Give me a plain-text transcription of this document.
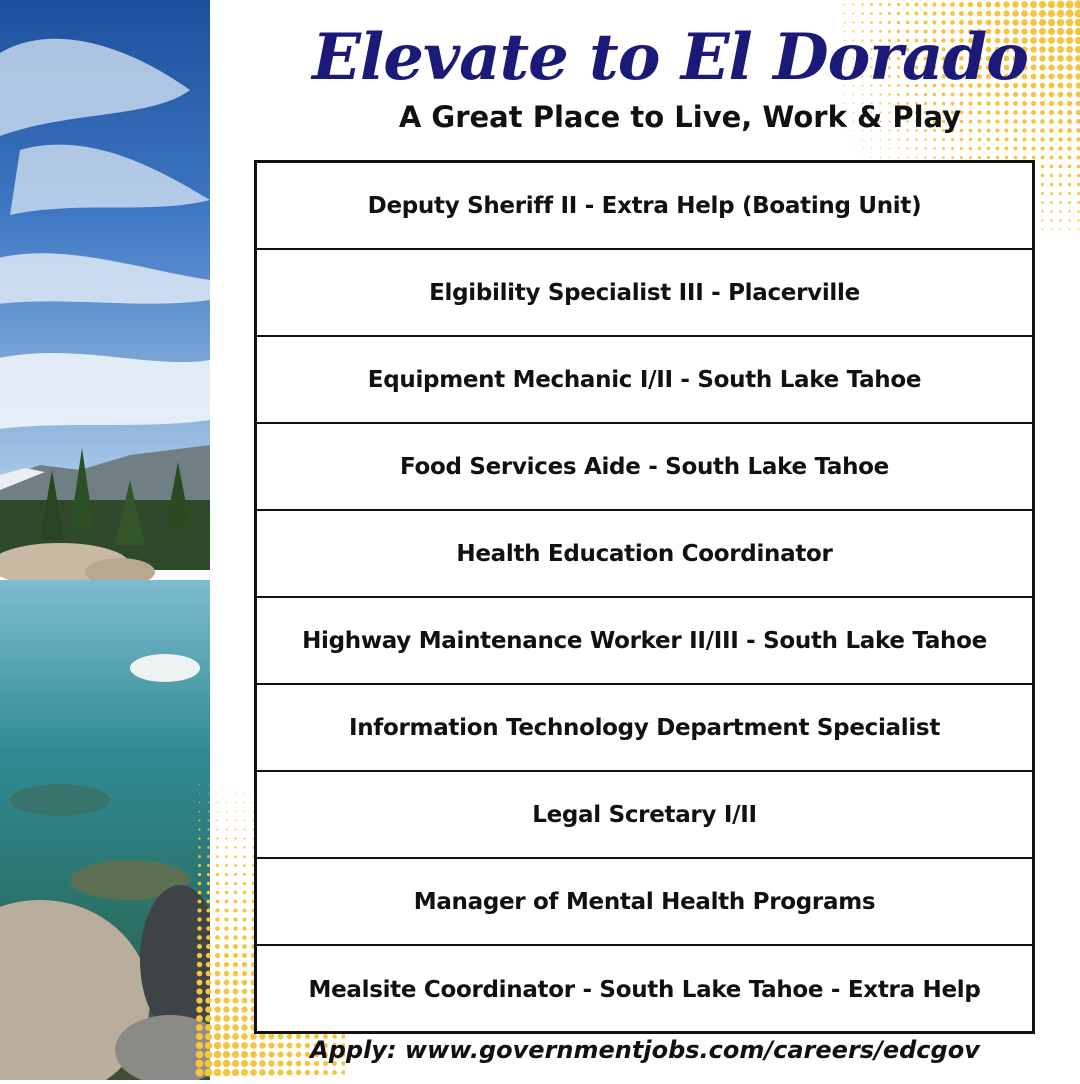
Elevate to El Dorado
A Great Place to Live, Work & Play
Deputy Sheriff II - Extra Help (Boating Unit)
Elgibility Specialist III - Placerville
Equipment Mechanic I/II - South Lake Tahoe
Food Services Aide - South Lake Tahoe
Health Education Coordinator
Highway Maintenance Worker II/III - South Lake Tahoe
Information Technology Department Specialist
Legal Scretary I/II
Manager of Mental Health Programs
Mealsite Coordinator - South Lake Tahoe - Extra Help
Apply: www.governmentjobs.com/careers/edcgov
